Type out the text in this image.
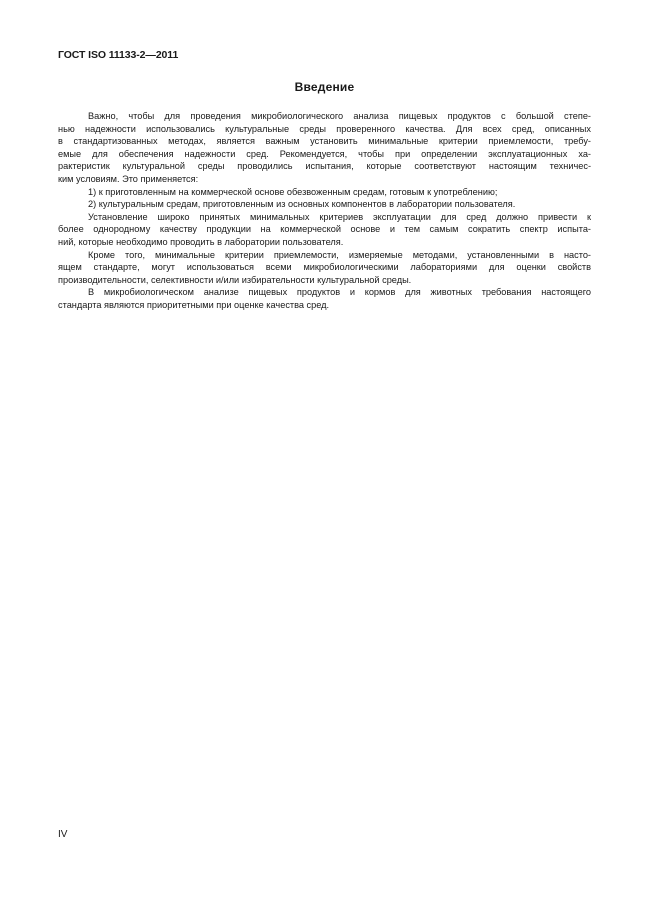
ГОСТ ISO 11133-2—2011
Введение
Важно, чтобы для проведения микробиологического анализа пищевых продуктов с большой степе-
нью надежности использовались культуральные среды проверенного качества. Для всех сред, описанных
в стандартизованных методах, является важным установить минимальные критерии приемлемости, требу-
емые для обеспечения надежности сред. Рекомендуется, чтобы при определении эксплуатационных ха-
рактеристик культуральной среды проводились испытания, которые соответствуют настоящим техничес-
ким условиям. Это применяется:
1) к приготовленным на коммерческой основе обезвоженным средам, готовым к употреблению;
2) культуральным средам, приготовленным из основных компонентов в лаборатории пользователя.
Установление широко принятых минимальных критериев эксплуатации для сред должно привести к
более однородному качеству продукции на коммерческой основе и тем самым сократить спектр испыта-
ний, которые необходимо проводить в лаборатории пользователя.
Кроме того, минимальные критерии приемлемости, измеряемые методами, установленными в насто-
ящем стандарте, могут использоваться всеми микробиологическими лабораториями для оценки свойств
производительности, селективности и/или избирательности культуральной среды.
В микробиологическом анализе пищевых продуктов и кормов для животных требования настоящего
стандарта являются приоритетными при оценке качества сред.
IV
